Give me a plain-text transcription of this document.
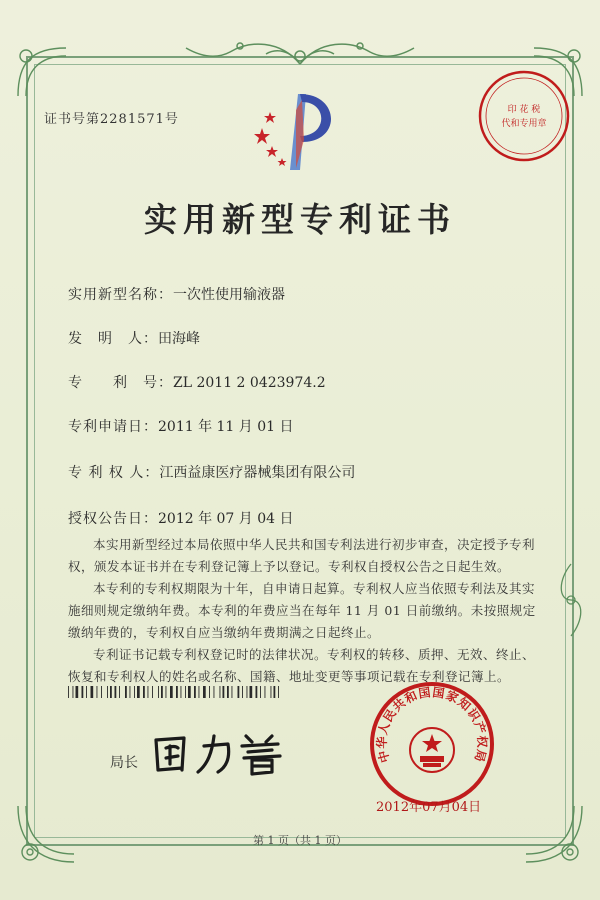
证书号第2281571号
印 花 税
代和专用章
实用新型专利证书
实用新型名称：一次性使用输液器
发　明　人：田海峰
专　　利　号：ZL 2011 2 0423974.2
专利申请日：2011 年 11 月 01 日
专 利 权 人：江西益康医疗器械集团有限公司
授权公告日：2012 年 07 月 04 日

本实用新型经过本局依照中华人民共和国专利法进行初步审查，决定授予专利权，颁发本证书并在专利登记簿上予以登记。专利权自授权公告之日起生效。

本专利的专利权期限为十年，自申请日起算。专利权人应当依照专利法及其实施细则规定缴纳年费。本专利的年费应当在每年 11 月 01 日前缴纳。未按照规定缴纳年费的，专利权自应当缴纳年费期满之日起终止。

专利证书记载专利权登记时的法律状况。专利权的转移、质押、无效、终止、恢复和专利权人的姓名或名称、国籍、地址变更等事项记载在专利登记簿上。

局长	中华人民共和国国家知识产权局
2012年07月04日
第 1 页（共 1 页）
